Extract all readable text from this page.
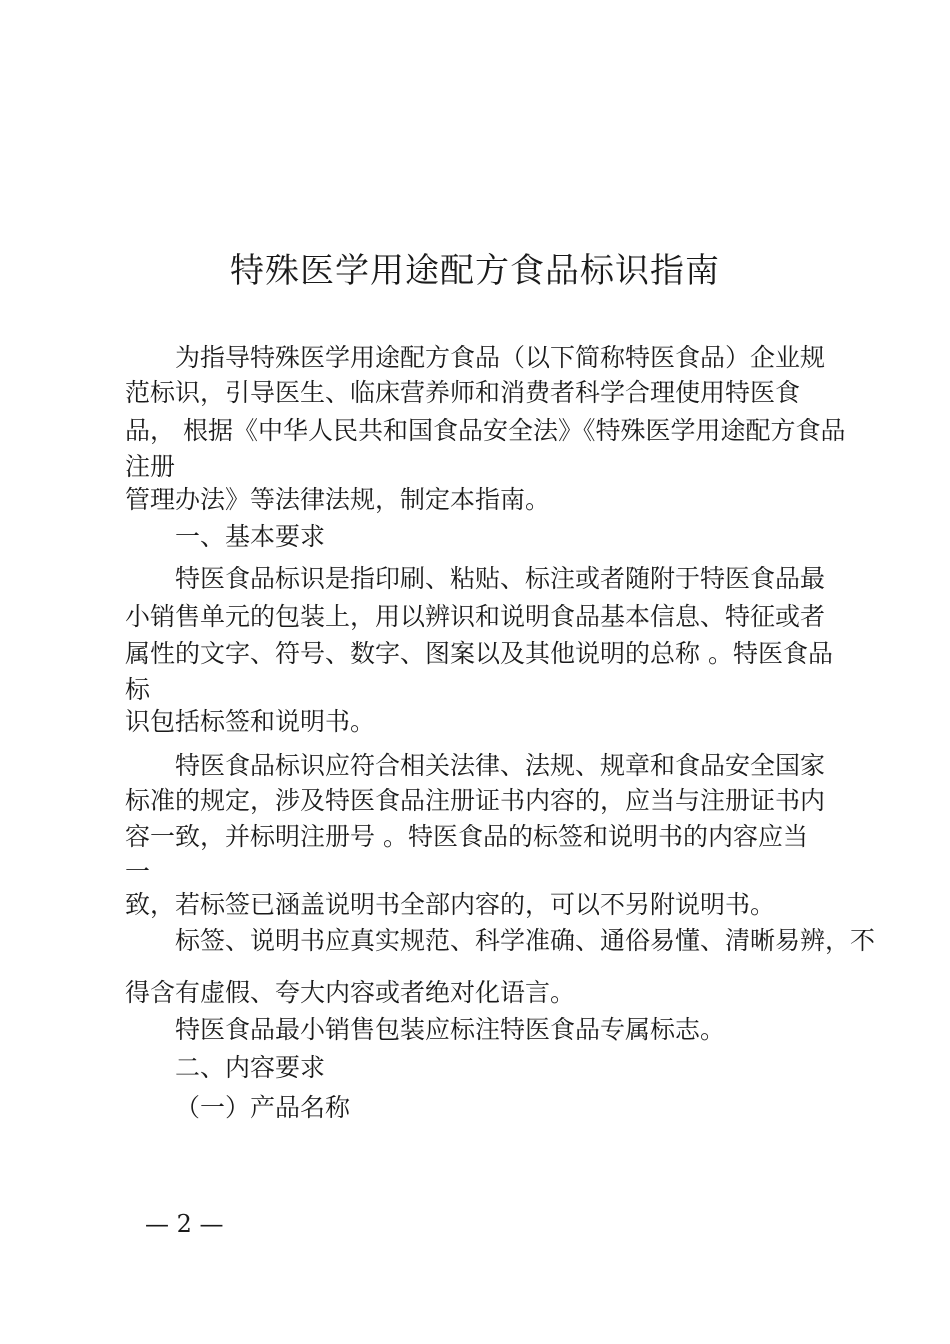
特殊医学用途配方食品标识指南

为指导特殊医学用途配方食品（以下简称特医食品）企业规

范标识，引导医生、临床营养师和消费者科学合理使用特医食

品， 根据《中华人民共和国食品安全法》《特殊医学用途配方食品

注册

管理办法》等法律法规，制定本指南。

一、基本要求

特医食品标识是指印刷、粘贴、标注或者随附于特医食品最

小销售单元的包装上，用以辨识和说明食品基本信息、特征或者

属性的文字、符号、数字、图案以及其他说明的总称 。特医食品

标

识包括标签和说明书。

特医食品标识应符合相关法律、法规、规章和食品安全国家

标准的规定，涉及特医食品注册证书内容的，应当与注册证书内

容一致，并标明注册号 。特医食品的标签和说明书的内容应当

一

致，若标签已涵盖说明书全部内容的，可以不另附说明书。

标签、说明书应真实规范、科学准确、通俗易懂、清晰易辨，不

得含有虚假、夸大内容或者绝对化语言。

特医食品最小销售包装应标注特医食品专属标志。

二、内容要求

（一）产品名称

— 2 —
